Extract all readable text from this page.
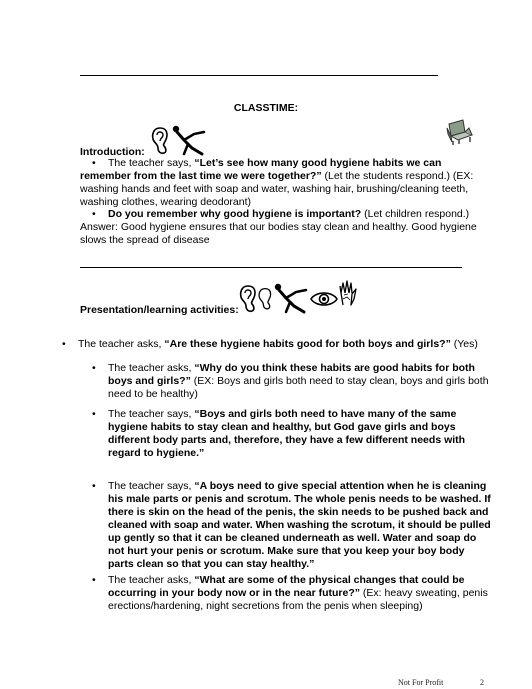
CLASSTIME:
Introduction:
• The teacher says, “Let’s see how many good hygiene habits we can remember from the last time we were together?” (Let the students respond.) (EX: washing hands and feet with soap and water, washing hair, brushing/cleaning teeth, washing clothes, wearing deodorant)
• Do you remember why good hygiene is important? (Let children respond.) Answer: Good hygiene ensures that our bodies stay clean and healthy. Good hygiene slows the spread of disease
Presentation/learning activities:
• The teacher asks, “Are these hygiene habits good for both boys and girls?” (Yes)
• The teacher asks, “Why do you think these habits are good habits for both boys and girls?” (EX: Boys and girls both need to stay clean, boys and girls both need to be healthy)
• The teacher says, “Boys and girls both need to have many of the same hygiene habits to stay clean and healthy, but God gave girls and boys different body parts and, therefore, they have a few different needs with regard to hygiene.”
• The teacher says, “A boys need to give special attention when he is cleaning his male parts or penis and scrotum. The whole penis needs to be washed. If there is skin on the head of the penis, the skin needs to be pushed back and cleaned with soap and water. When washing the scrotum, it should be pulled up gently so that it can be cleaned underneath as well. Water and soap do not hurt your penis or scrotum. Make sure that you keep your boy body parts clean so that you can stay healthy.”
• The teacher asks, “What are some of the physical changes that could be occurring in your body now or in the near future?” (Ex: heavy sweating, penis erections/hardening, night secretions from the penis when sleeping)
Not For Profit	2
